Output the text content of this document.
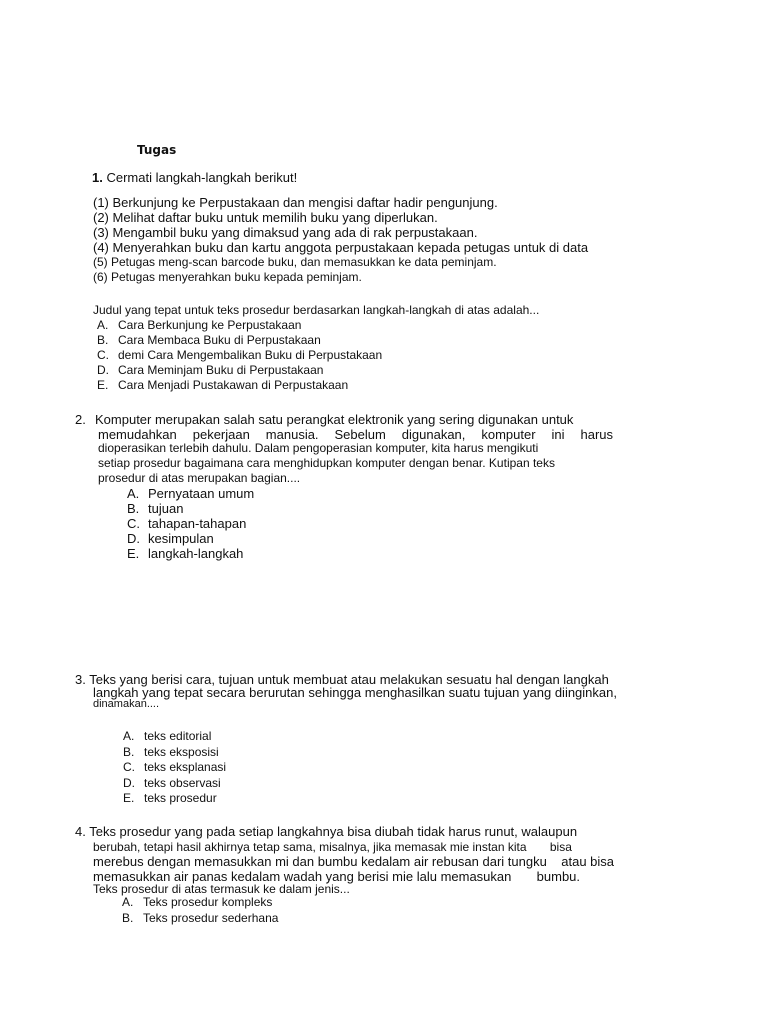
Tugas
1. Cermati langkah-langkah berikut!
(1) Berkunjung ke Perpustakaan dan mengisi daftar hadir pengunjung.
(2) Melihat daftar buku untuk memilih buku yang diperlukan.
(3) Mengambil buku yang dimaksud yang ada di rak perpustakaan.
(4) Menyerahkan buku dan kartu anggota perpustakaan kepada petugas untuk di data
(5) Petugas meng-scan barcode buku, dan memasukkan ke data peminjam.
(6) Petugas menyerahkan buku kepada peminjam.
Judul yang tepat untuk teks prosedur berdasarkan langkah-langkah di atas adalah...
A. Cara Berkunjung ke Perpustakaan
B. Cara Membaca Buku di Perpustakaan
C. demi Cara Mengembalikan Buku di Perpustakaan
D. Cara Meminjam Buku di Perpustakaan
E. Cara Menjadi Pustakawan di Perpustakaan
2. Komputer merupakan salah satu perangkat elektronik yang sering digunakan untuk
memudahkan pekerjaan manusia. Sebelum digunakan, komputer ini harus
dioperasikan terlebih dahulu. Dalam pengoperasian komputer, kita harus mengikuti
setiap prosedur bagaimana cara menghidupkan komputer dengan benar. Kutipan teks
prosedur di atas merupakan bagian....
A. Pernyataan umum
B. tujuan
C. tahapan-tahapan
D. kesimpulan
E. langkah-langkah
3. Teks yang berisi cara, tujuan untuk membuat atau melakukan sesuatu hal dengan langkah
langkah yang tepat secara berurutan sehingga menghasilkan suatu tujuan yang diinginkan,
dinamakan....
A. teks editorial
B. teks eksposisi
C. teks eksplanasi
D. teks observasi
E. teks prosedur
4. Teks prosedur yang pada setiap langkahnya bisa diubah tidak harus runut, walaupun
berubah, tetapi hasil akhirnya tetap sama, misalnya, jika memasak mie instan kita       bisa
merebus dengan memasukkan mi dan bumbu kedalam air rebusan dari tungku    atau bisa
memasukkan air panas kedalam wadah yang berisi mie lalu memasukan       bumbu.
Teks prosedur di atas termasuk ke dalam jenis...
A. Teks prosedur kompleks
B. Teks prosedur sederhana
